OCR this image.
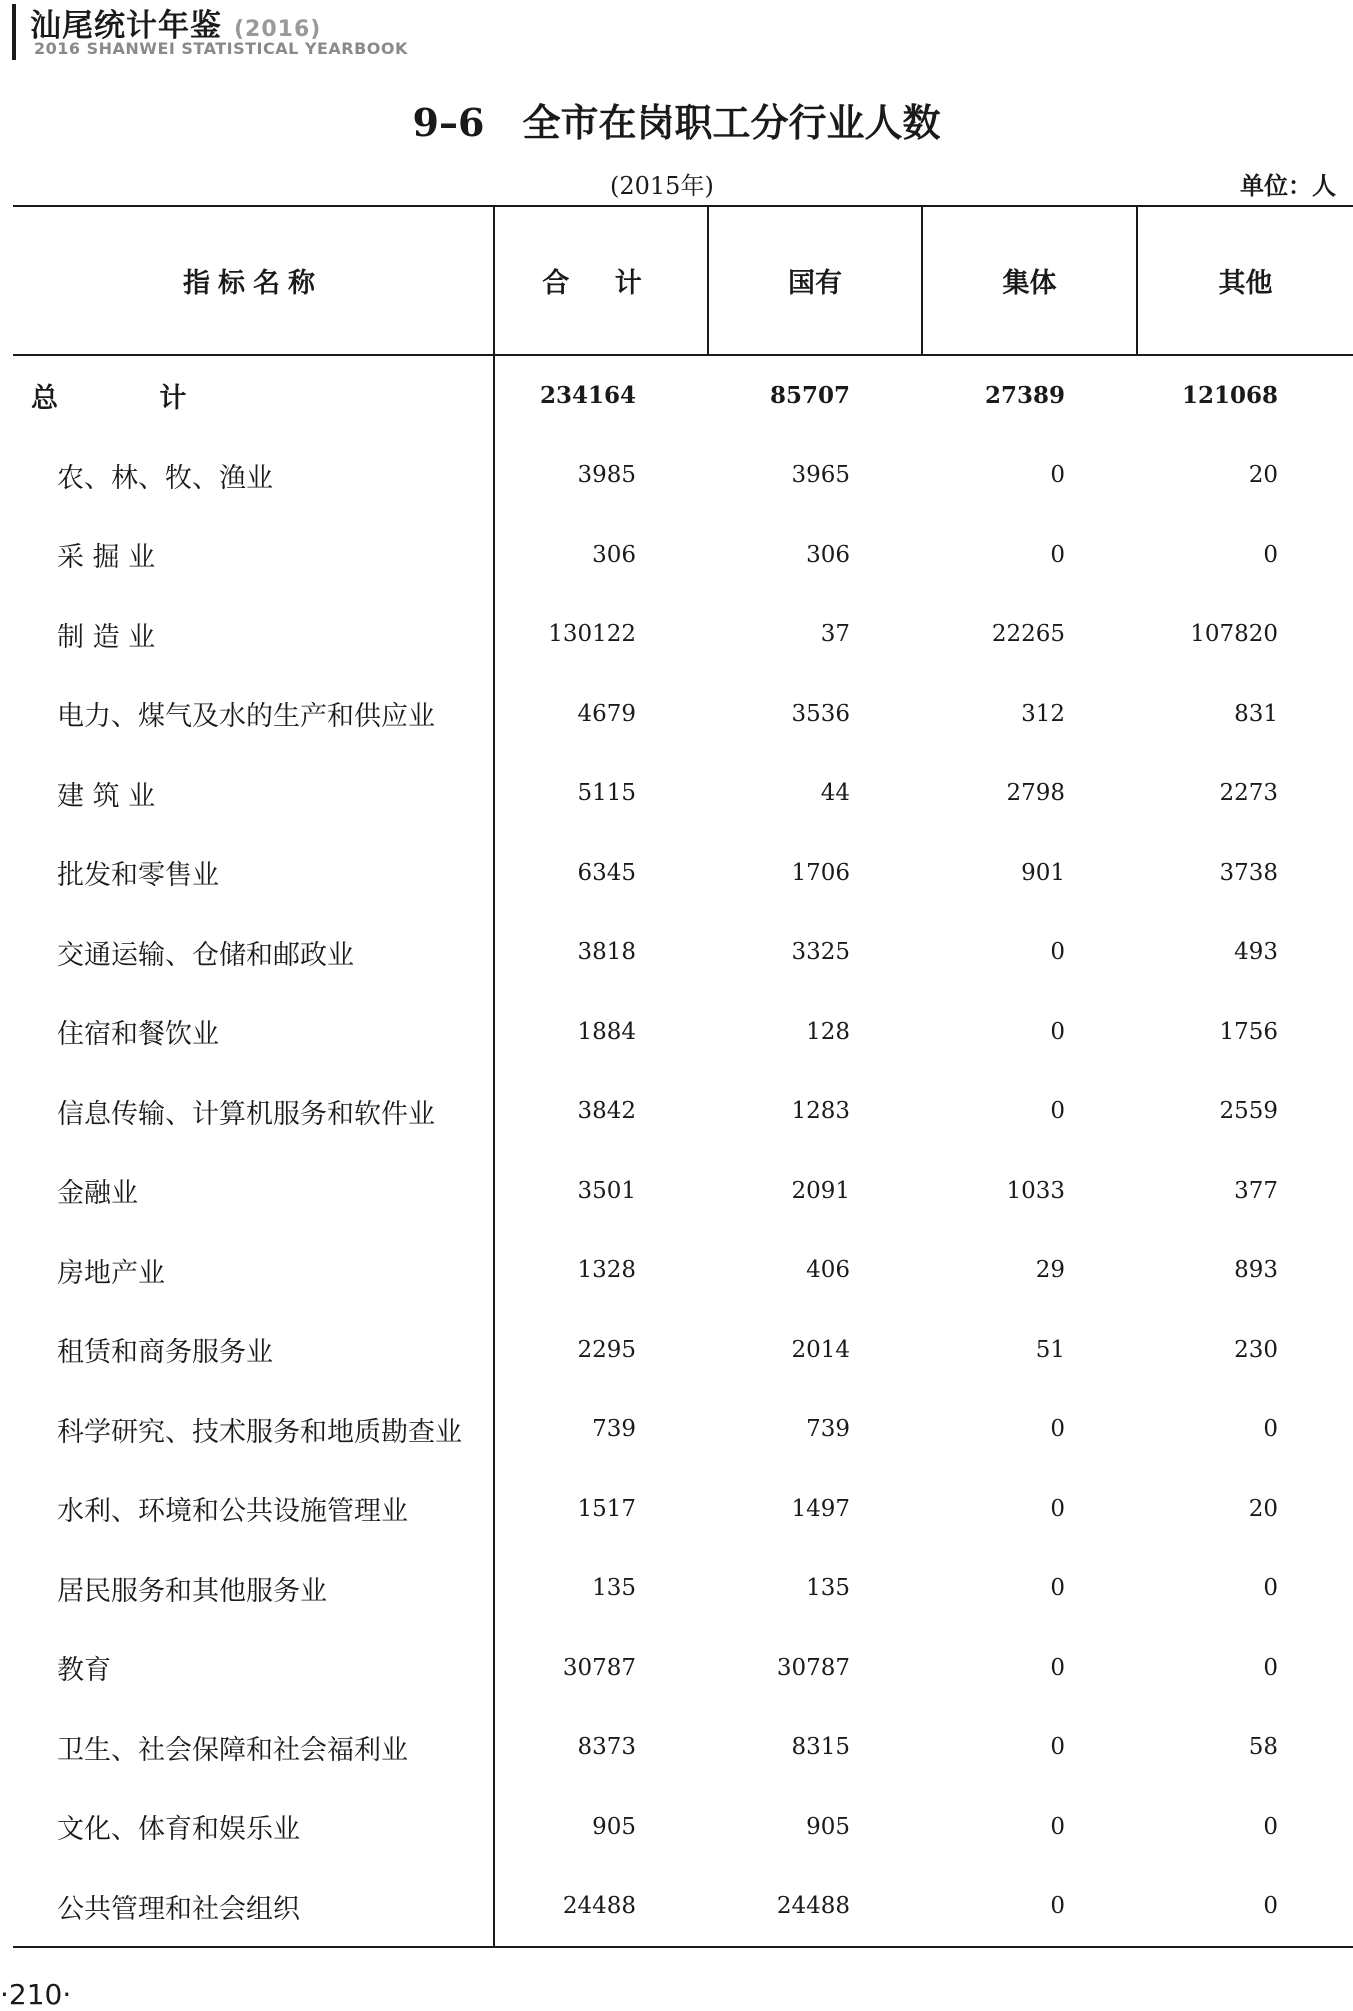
汕尾统计年鉴 (2016)
2016 SHANWEI STATISTICAL YEARBOOK
9–6 全市在岗职工分行业人数
(2015年)	单位：人
指标名称	合 计	国有	集体	其他
总 计	234164	85707	27389	121068
农、林、牧、渔业	3985	3965	0	20
采 掘 业	306	306	0	0
制 造 业	130122	37	22265	107820
电力、煤气及水的生产和供应业	4679	3536	312	831
建 筑 业	5115	44	2798	2273
批发和零售业	6345	1706	901	3738
交通运输、仓储和邮政业	3818	3325	0	493
住宿和餐饮业	1884	128	0	1756
信息传输、计算机服务和软件业	3842	1283	0	2559
金融业	3501	2091	1033	377
房地产业	1328	406	29	893
租赁和商务服务业	2295	2014	51	230
科学研究、技术服务和地质勘查业	739	739	0	0
水利、环境和公共设施管理业	1517	1497	0	20
居民服务和其他服务业	135	135	0	0
教育	30787	30787	0	0
卫生、社会保障和社会福利业	8373	8315	0	58
文化、体育和娱乐业	905	905	0	0
公共管理和社会组织	24488	24488	0	0
·210·
